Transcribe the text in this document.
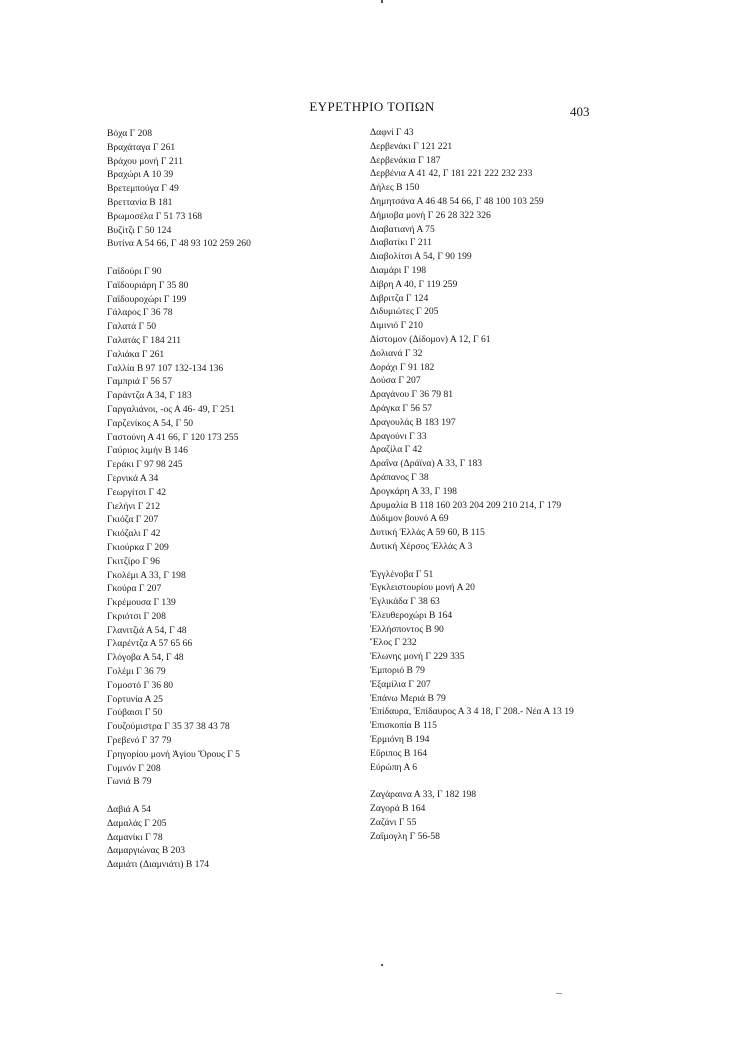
ΕΥΡΕΤΗΡΙΟ ΤΟΠΩΝ	403
Βόχα Γ 208
Βραχάταγα Γ 261
Βράχου μονή Γ 211
Βραχώρι Α 10 39
Βρετεμπούγα Γ 49
Βρεττανία Β 181
Βρωμοσέλα Γ 51 73 168
Βυζίτζι Γ 50 124
Βυτίνα Α 54 66, Γ 48 93 102 259 260
Γαϊδούρι Γ 90
Γαϊδουριάρη Γ 35 80
Γαϊδουροχώρι Γ 199
Γάλαρος Γ 36 78
Γαλατά Γ 50
Γαλατάς Γ 184 211
Γαλιάκα Γ 261
Γαλλία Β 97 107 132-134 136
Γαμπριά Γ 56 57
Γαράντζα Α 34, Γ 183
Γαργαλιάνοι, -ος Α 46- 49, Γ 251
Γαρζενίκος Α 54, Γ 50
Γαστούνη Α 41 66, Γ 120 173 255
Γαύριος λιμήν Β 146
Γεράκι Γ 97 98 245
Γερνικά Α 34
Γεωργίτσι Γ 42
Γιελήνι Γ 212
Γκιόζα Γ 207
Γκιόζαλι Γ 42
Γκιούρκα Γ 209
Γκιτζίρο Γ 96
Γκολέμι Α 33, Γ 198
Γκούρα Γ 207
Γκρέμουσα Γ 139
Γκριότσι Γ 208
Γλανιτζιά Α 54, Γ 48
Γλαρέντζα Α 57 65 66
Γλόγοβα Α 54, Γ 48
Γολέμι Γ 36 79
Γομοστό Γ 36 80
Γορτυνία Α 25
Γούβαισι Γ 50
Γουζούμιστρα Γ 35 37 38 43 78
Γρεβενό Γ 37 79
Γρηγορίου μονή Ἁγίου Ὄρους Γ 5
Γυμνόν Γ 208
Γωνιά Β 79
Δαβιά Α 54
Δαμαλάς Γ 205
Δαμανίκι Γ 78
Δαμαργιώνας Β 203
Δαμιάτι (Διαμνιάτι) Β 174
Δαφνί Γ 43
Δερβενάκι Γ 121 221
Δερβενάκια Γ 187
Δερβένια Α 41 42, Γ 181 221 222 232 233
Δήλες Β 150
Δημητσάνα Α 46 48 54 66, Γ 48 100 103 259
Δήμιοβα μονή Γ 26 28 322 326
Διαβατιανή Α 75
Διαβατίκι Γ 211
Διαβολίτσι Α 54, Γ 90 199
Διαμάρι Γ 198
Δίβρη Α 40, Γ 119 259
Διβριτζα Γ 124
Διδυμιώτες Γ 205
Διμινιό Γ 210
Δίστομον (Δίδομον) Α 12, Γ 61
Δολιανά Γ 32
Δοράχι Γ 91 182
Δούσα Γ 207
Δραγάνου Γ 36 79 81
Δράγκα Γ 56 57
Δραγουλάς Β 183 197
Δραγούνι Γ 33
Δραζίλα Γ 42
Δραΐνα (Δράϊνα) Α 33, Γ 183
Δράπανος Γ 38
Δρογκάρη Α 33, Γ 198
Δρυμαλία Β 118 160 203 204 209 210 214, Γ 179
Δύδιμον βουνό Α 69
Δυτική Ἑλλάς Α 59 60, Β 115
Δυτική Χέρσος Ἑλλάς Α 3
Ἐγγλένοβα Γ 51
Ἐγκλειστουρίου μονή Α 20
Ἐγλικάδα Γ 38 63
Ἐλευθεροχώρι Β 164
Ἑλλήσποντος Β 90
Ἕλος Γ 232
Ἐλωνης μονή Γ 229 335
Ἐμποριό Β 79
Ἐξαμίλια Γ 207
Ἐπάνω Μεριά Β 79
Ἐπίδαυρα, Ἐπίδαυρος Α 3 4 18, Γ 208.- Νέα Α 13 19
Ἐπισκοπία Β 115
Ἑρμιόνη Β 194
Εὔριπος Β 164
Εὐρώπη Α 6
Ζαγάραινα Α 33, Γ 182 198
Ζαγορά Β 164
Ζαζάνι Γ 55
Ζαΐμογλη Γ 56-58
